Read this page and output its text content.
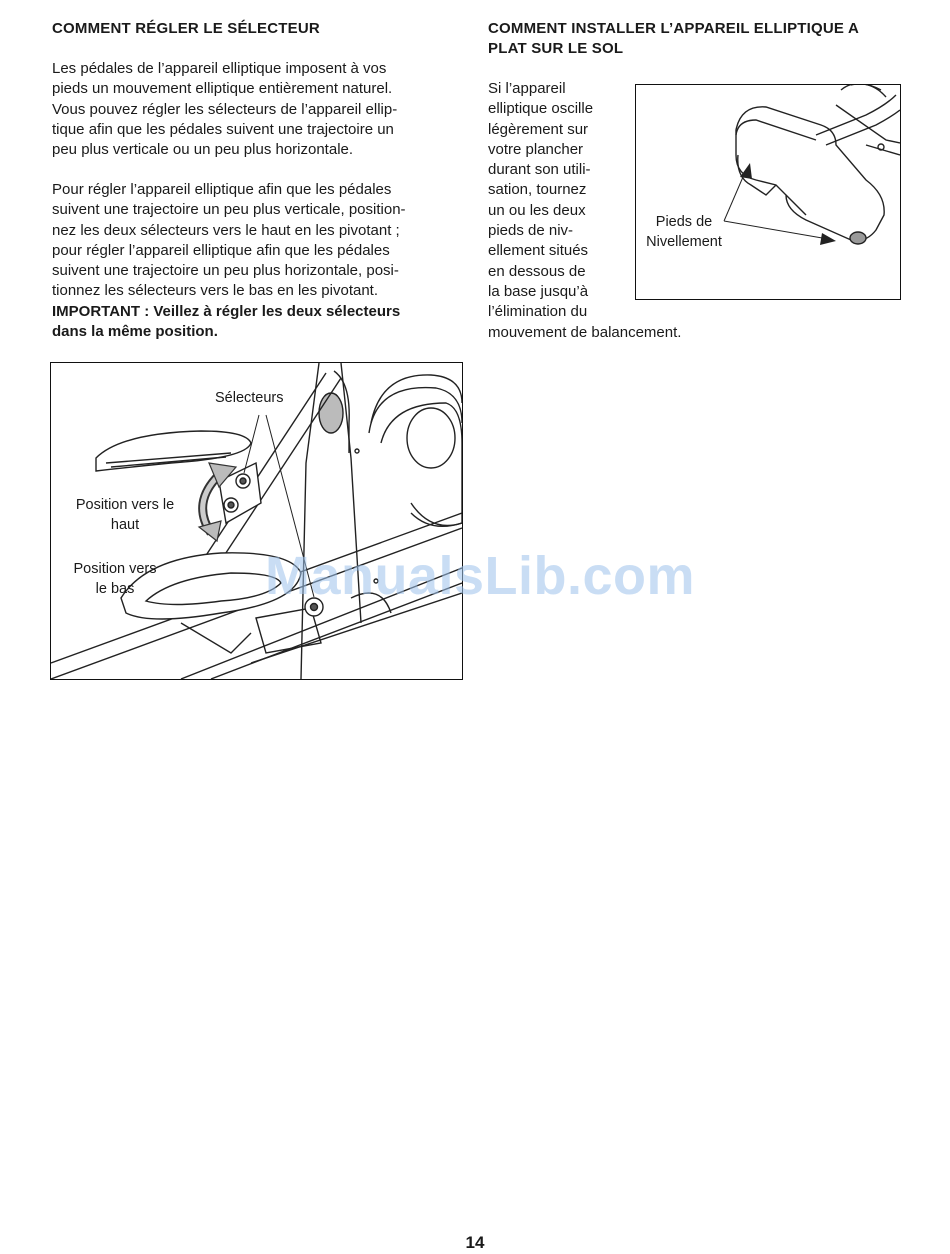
COMMENT RÉGLER LE SÉLECTEUR
Les pédales de l’appareil elliptique imposent à vos
pieds un mouvement elliptique entièrement naturel.
Vous pouvez régler les sélecteurs de l’appareil ellip-
tique afin que les pédales suivent une trajectoire un
peu plus verticale ou un peu plus horizontale.
Pour régler l’appareil elliptique afin que les pédales
suivent une trajectoire un peu plus verticale, position-
nez les deux sélecteurs vers le haut en les pivotant ;
pour régler l’appareil elliptique afin que les pédales
suivent une trajectoire un peu plus horizontale, posi-
tionnez les sélecteurs vers le bas en les pivotant.
IMPORTANT : Veillez à régler les deux sélecteurs
dans la même position.
Sélecteurs
Position vers le
haut
Position vers
le bas
COMMENT INSTALLER L’APPAREIL ELLIPTIQUE A
PLAT SUR LE SOL
Si l’appareil
elliptique oscille
légèrement sur
votre plancher
durant son utili-
sation, tournez
un ou les deux
pieds de niv-
ellement situés
en dessous de
la base jusqu’à
l’élimination du
mouvement de balancement.
Pieds de
Nivellement
ManualsLib.com
14
